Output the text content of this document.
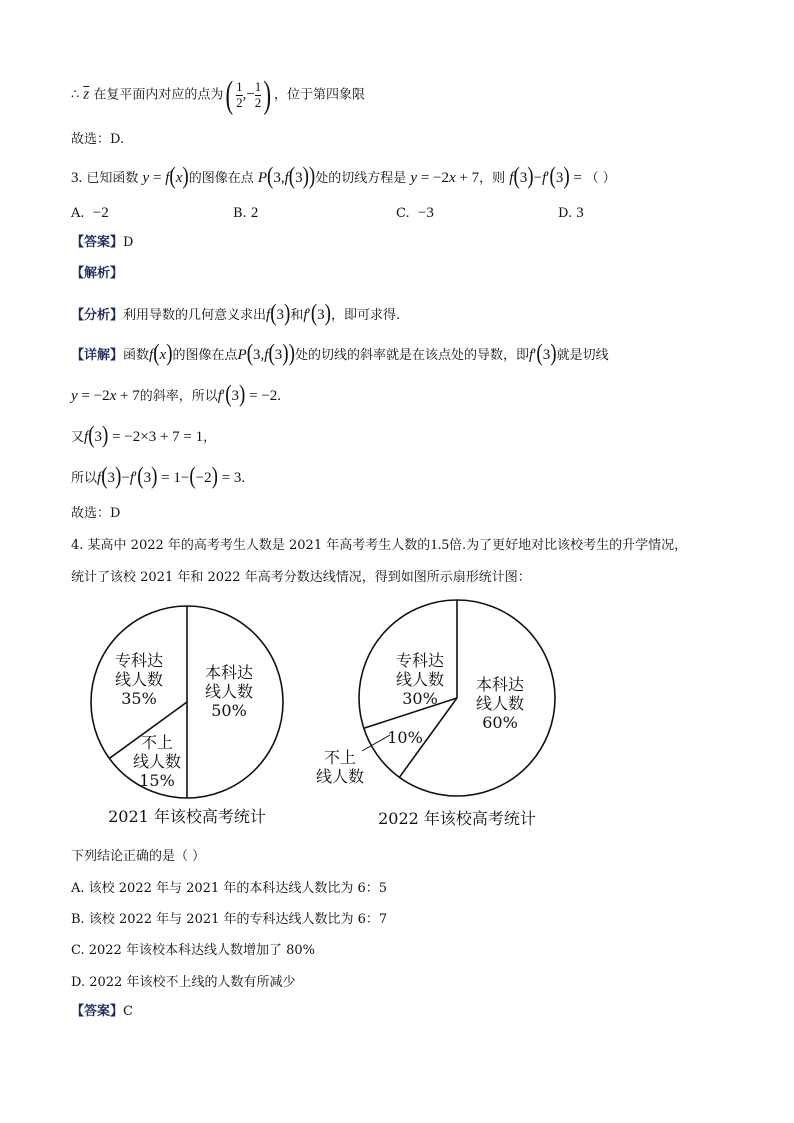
∴ $\overline{z}$ 在复平面内对应的点为( $\frac{1}{2}$ ,− $\frac{1}{2}$ ) ，位于第四象限
故选：D.
3. 已知函数 y = f(x)的图像在点 P(3,f(3))处的切线方程是 y = −2x + 7，则 f(3)−f′(3) = （ ）
A. −2	B. 2	C. −3	D. 3
【答案】D
【解析】
【分析】利用导数的几何意义求出f(3)和f′(3)，即可求得.
【详解】函数f(x)的图像在点P(3,f(3))处的切线的斜率就是在该点处的导数，即f′(3)就是切线
y = −2x + 7的斜率，所以f′(3) = −2.
又f(3) = −2×3 + 7 = 1，
所以f(3)−f′(3) = 1−(−2) = 3.
故选：D
4. 某高中 2022 年的高考考生人数是 2021 年高考考生人数的1.5倍.为了更好地对比该校考生的升学情况，
统计了该校 2021 年和 2022 年高考分数达线情况，得到如图所示扇形统计图：
本科达
线人数
50%
专科达
线人数
35%
不上
线人数
15%
本科达
线人数
60%
专科达
线人数
30%
10%
不上
线人数
2021 年该校高考统计	2022 年该校高考统计
下列结论正确的是（ ）
A. 该校 2022 年与 2021 年的本科达线人数比为 6：5
B. 该校 2022 年与 2021 年的专科达线人数比为 6：7
C. 2022 年该校本科达线人数增加了 80%
D. 2022 年该校不上线的人数有所减少
【答案】C
